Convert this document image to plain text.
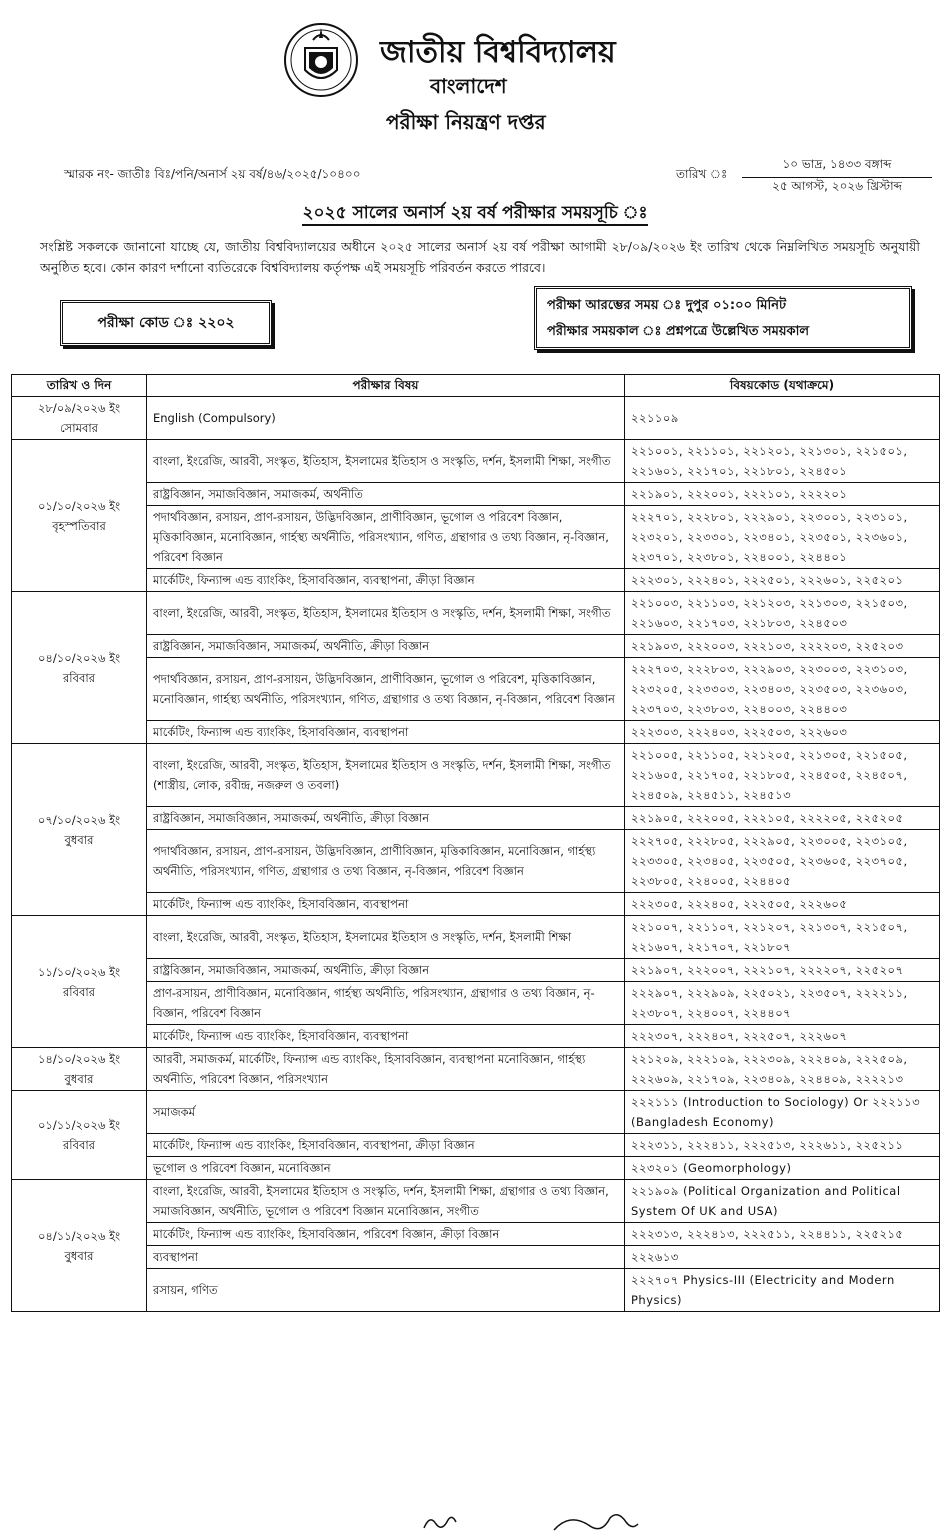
জাতীয় বিশ্ববিদ্যালয়
বাংলাদেশ
পরীক্ষা নিয়ন্ত্রণ দপ্তর
স্মারক নং- জাতীঃ বিঃ/পনি/অনার্স ২য় বর্ষ/৪৬/২০২৫/১০৪০০	তারিখ ঃ
১০ ভাদ্র, ১৪৩৩ বঙ্গাব্দ
২৫ আগস্ট, ২০২৬ খ্রিস্টাব্দ
২০২৫ সালের অনার্স ২য় বর্ষ পরীক্ষার সময়সূচি ঃ
সংশ্লিষ্ট সকলকে জানানো যাচ্ছে যে, জাতীয় বিশ্ববিদ্যালয়ের অধীনে ২০২৫ সালের অনার্স ২য় বর্ষ পরীক্ষা আগামী ২৮/০৯/২০২৬ ইং তারিখ থেকে নিম্নলিখিত সময়সূচি অনুযায়ী অনুষ্ঠিত হবে। কোন কারণ দর্শানো ব্যতিরেকে বিশ্ববিদ্যালয় কর্তৃপক্ষ এই সময়সূচি পরিবর্তন করতে পারবে।
পরীক্ষা কোড ঃ ২২০২
পরীক্ষা আরম্ভের সময় ঃ দুপুর ০১:০০ মিনিট
পরীক্ষার সময়কাল ঃ প্রশ্নপত্রে উল্লেখিত সময়কাল
তারিখ ও দিন	পরীক্ষার বিষয়	বিষয়কোড (যথাক্রমে)

২৮/০৯/২০২৬ ইং
সোমবার	English (Compulsory)	২২১১০৯

০১/১০/২০২৬ ইং
বৃহস্পতিবার	বাংলা, ইংরেজি, আরবী, সংস্কৃত, ইতিহাস, ইসলামের ইতিহাস ও সংস্কৃতি, দর্শন, ইসলামী শিক্ষা, সংগীত	২২১০০১, ২২১১০১, ২২১২০১, ২২১৩০১, ২২১৫০১, ২২১৬০১, ২২১৭০১, ২২১৮০১, ২২৪৫০১
	রাষ্ট্রবিজ্ঞান, সমাজবিজ্ঞান, সমাজকর্ম, অর্থনীতি	২২১৯০১, ২২২০০১, ২২২১০১, ২২২২০১
	পদার্থবিজ্ঞান, রসায়ন, প্রাণ-রসায়ন, উদ্ভিদবিজ্ঞান, প্রাণীবিজ্ঞান, ভূগোল ও পরিবেশ বিজ্ঞান, মৃত্তিকাবিজ্ঞান, মনোবিজ্ঞান, গার্হস্থ্য অর্থনীতি, পরিসংখ্যান, গণিত, গ্রন্থাগার ও তথ্য বিজ্ঞান, নৃ-বিজ্ঞান, পরিবেশ বিজ্ঞান	২২২৭০১, ২২২৮০১, ২২২৯০১, ২২৩০০১, ২২৩১০১, ২২৩২০১, ২২৩৩০১, ২২৩৪০১, ২২৩৫০১, ২২৩৬০১, ২২৩৭০১, ২২৩৮০১, ২২৪০০১, ২২৪৪০১
	মার্কেটিং, ফিন্যান্স এন্ড ব্যাংকিং, হিসাববিজ্ঞান, ব্যবস্থাপনা, ক্রীড়া বিজ্ঞান	২২২৩০১, ২২২৪০১, ২২২৫০১, ২২২৬০১, ২২৫২০১

০৪/১০/২০২৬ ইং
রবিবার	বাংলা, ইংরেজি, আরবী, সংস্কৃত, ইতিহাস, ইসলামের ইতিহাস ও সংস্কৃতি, দর্শন, ইসলামী শিক্ষা, সংগীত	২২১০০৩, ২২১১০৩, ২২১২০৩, ২২১৩০৩, ২২১৫০৩, ২২১৬০৩, ২২১৭০৩, ২২১৮০৩, ২২৪৫০৩
	রাষ্ট্রবিজ্ঞান, সমাজবিজ্ঞান, সমাজকর্ম, অর্থনীতি, ক্রীড়া বিজ্ঞান	২২১৯০৩, ২২২০০৩, ২২২১০৩, ২২২২০৩, ২২৫২০৩
	পদার্থবিজ্ঞান, রসায়ন, প্রাণ-রসায়ন, উদ্ভিদবিজ্ঞান, প্রাণীবিজ্ঞান, ভূগোল ও পরিবেশ, মৃত্তিকাবিজ্ঞান, মনোবিজ্ঞান, গার্হস্থ্য অর্থনীতি, পরিসংখ্যান, গণিত, গ্রন্থাগার ও তথ্য বিজ্ঞান, নৃ-বিজ্ঞান, পরিবেশ বিজ্ঞান	২২২৭০৩, ২২২৮০৩, ২২২৯০৩, ২২৩০০৩, ২২৩১০৩, ২২৩২০৫, ২২৩৩০৩, ২২৩৪০৩, ২২৩৫০৩, ২২৩৬০৩, ২২৩৭০৩, ২২৩৮০৩, ২২৪০০৩, ২২৪৪০৩
	মার্কেটিং, ফিন্যান্স এন্ড ব্যাংকিং, হিসাববিজ্ঞান, ব্যবস্থাপনা	২২২৩০৩, ২২২৪০৩, ২২২৫০৩, ২২২৬০৩

০৭/১০/২০২৬ ইং
বুধবার	বাংলা, ইংরেজি, আরবী, সংস্কৃত, ইতিহাস, ইসলামের ইতিহাস ও সংস্কৃতি, দর্শন, ইসলামী শিক্ষা, সংগীত (শাস্ত্রীয়, লোক, রবীন্দ্র, নজরুল ও তবলা)	২২১০০৫, ২২১১০৫, ২২১২০৫, ২২১৩০৫, ২২১৫০৫, ২২১৬০৫, ২২১৭০৫, ২২১৮০৫, ২২৪৫০৫, ২২৪৫০৭, ২২৪৫০৯, ২২৪৫১১, ২২৪৫১৩
	রাষ্ট্রবিজ্ঞান, সমাজবিজ্ঞান, সমাজকর্ম, অর্থনীতি, ক্রীড়া বিজ্ঞান	২২১৯০৫, ২২২০০৫, ২২২১০৫, ২২২২০৫, ২২৫২০৫
	পদার্থবিজ্ঞান, রসায়ন, প্রাণ-রসায়ন, উদ্ভিদবিজ্ঞান, প্রাণীবিজ্ঞান, মৃত্তিকাবিজ্ঞান, মনোবিজ্ঞান, গার্হস্থ্য অর্থনীতি, পরিসংখ্যান, গণিত, গ্রন্থাগার ও তথ্য বিজ্ঞান, নৃ-বিজ্ঞান, পরিবেশ বিজ্ঞান	২২২৭০৫, ২২২৮০৫, ২২২৯০৫, ২২৩০০৫, ২২৩১০৫, ২২৩৩০৫, ২২৩৪০৫, ২২৩৫০৫, ২২৩৬০৫, ২২৩৭০৫, ২২৩৮০৫, ২২৪০০৫, ২২৪৪০৫
	মার্কেটিং, ফিন্যান্স এন্ড ব্যাংকিং, হিসাববিজ্ঞান, ব্যবস্থাপনা	২২২৩০৫, ২২২৪০৫, ২২২৫০৫, ২২২৬০৫

১১/১০/২০২৬ ইং
রবিবার	বাংলা, ইংরেজি, আরবী, সংস্কৃত, ইতিহাস, ইসলামের ইতিহাস ও সংস্কৃতি, দর্শন, ইসলামী শিক্ষা	২২১০০৭, ২২১১০৭, ২২১২০৭, ২২১৩০৭, ২২১৫০৭, ২২১৬০৭, ২২১৭০৭, ২২১৮০৭
	রাষ্ট্রবিজ্ঞান, সমাজবিজ্ঞান, সমাজকর্ম, অর্থনীতি, ক্রীড়া বিজ্ঞান	২২১৯০৭, ২২২০০৭, ২২২১০৭, ২২২২০৭, ২২৫২০৭
	প্রাণ-রসায়ন, প্রাণীবিজ্ঞান, মনোবিজ্ঞান, গার্হস্থ্য অর্থনীতি, পরিসংখ্যান, গ্রন্থাগার ও তথ্য বিজ্ঞান, নৃ-বিজ্ঞান, পরিবেশ বিজ্ঞান	২২২৯০৭, ২২২৯০৯, ২২৫০২১, ২২৩৫০৭, ২২২২১১, ২২৩৮০৭, ২২৪০০৭, ২২৪৪০৭
	মার্কেটিং, ফিন্যান্স এন্ড ব্যাংকিং, হিসাববিজ্ঞান, ব্যবস্থাপনা	২২২৩০৭, ২২২৪০৭, ২২২৫০৭, ২২২৬০৭

১৪/১০/২০২৬ ইং
বুধবার	আরবী, সমাজকর্ম, মার্কেটিং, ফিন্যান্স এন্ড ব্যাংকিং, হিসাববিজ্ঞান, ব্যবস্থাপনা মনোবিজ্ঞান, গার্হস্থ্য অর্থনীতি, পরিবেশ বিজ্ঞান, পরিসংখ্যান	২২১২০৯, ২২২১০৯, ২২২৩০৯, ২২২৪০৯, ২২২৫০৯, ২২২৬০৯, ২২১৭০৯, ২২৩৪০৯, ২২৪৪০৯, ২২২২১৩

০১/১১/২০২৬ ইং
রবিবার	সমাজকর্ম	২২২১১১ (Introduction to Sociology) Or ২২২১১৩ (Bangladesh Economy)
	মার্কেটিং, ফিন্যান্স এন্ড ব্যাংকিং, হিসাববিজ্ঞান, ব্যবস্থাপনা, ক্রীড়া বিজ্ঞান	২২২৩১১, ২২২৪১১, ২২২৫১৩, ২২২৬১১, ২২৫২১১
	ভূগোল ও পরিবেশ বিজ্ঞান, মনোবিজ্ঞান	২২৩২০১ (Geomorphology)

০৪/১১/২০২৬ ইং
বুধবার	বাংলা, ইংরেজি, আরবী, ইসলামের ইতিহাস ও সংস্কৃতি, দর্শন, ইসলামী শিক্ষা, গ্রন্থাগার ও তথ্য বিজ্ঞান, সমাজবিজ্ঞান, অর্থনীতি, ভূগোল ও পরিবেশ বিজ্ঞান মনোবিজ্ঞান, সংগীত	২২১৯০৯ (Political Organization and Political System Of UK and USA)
	মার্কেটিং, ফিন্যান্স এন্ড ব্যাংকিং, হিসাববিজ্ঞান, পরিবেশ বিজ্ঞান, ক্রীড়া বিজ্ঞান	২২২৩১৩, ২২২৪১৩, ২২২৫১১, ২২৪৪১১, ২২৫২১৫
	ব্যবস্থাপনা	২২২৬১৩
	রসায়ন, গণিত	২২২৭০৭ Physics-III (Electricity and Modern Physics)
